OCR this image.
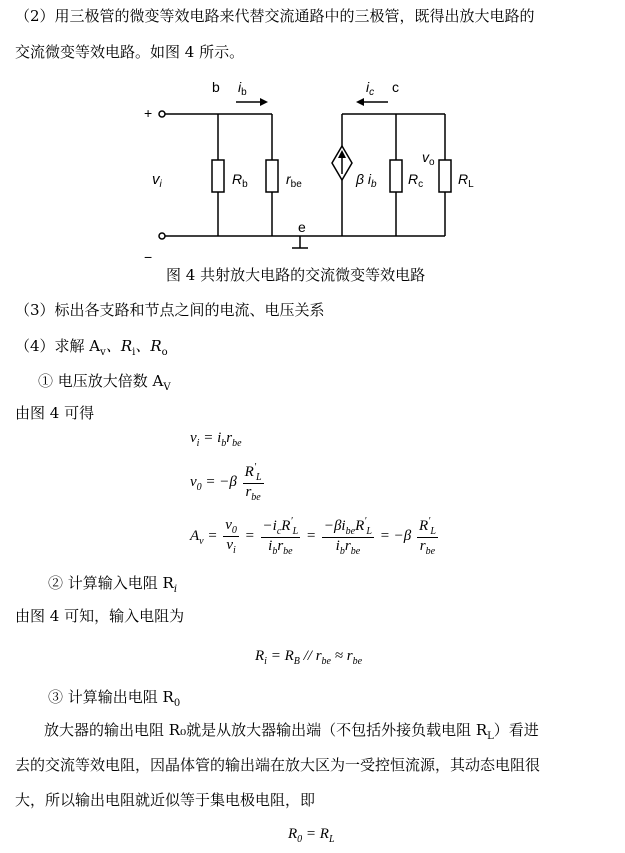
（2）用三极管的微变等效电路来代替交流通路中的三极管，既得出放大电路的
交流微变等效电路。如图 4 所示。
b $i_b$	$i_c$ c
+
−
$v_i$	$R_b$	$r_{be}$	β $i_b$ $R_c$
$v_o$
$R_L$
e
图 4 共射放大电路的交流微变等效电路
（3）标出各支路和节点之间的电流、电压关系
（4）求解 $A_v$、$R_i$、$R_o$
① 电压放大倍数 $A_V$
由图 4 可得
$v_i = i_br_{be}$
$v_0 = -\beta \frac{R'_L}{r_{be}}$
$A_v = \frac{v_0}{v_i} = \frac{-i_cR'_L}{i_br_{be}} = \frac{-\beta i_{be}R'_L}{i_br_{be}} = -\beta \frac{R'_L}{r_{be}}$
② 计算输入电阻 $R_i$
由图 4 可知，输入电阻为
$R_i = R_B // r_{be} \approx r_{be}$
③ 计算输出电阻 $R_0$
放大器的输出电阻 R₀就是从放大器输出端（不包括外接负载电阻 $R_L$）看进
去的交流等效电阻，因晶体管的输出端在放大区为一受控恒流源，其动态电阻很
大，所以输出电阻就近似等于集电极电阻，即
$R_0 = R_L$
